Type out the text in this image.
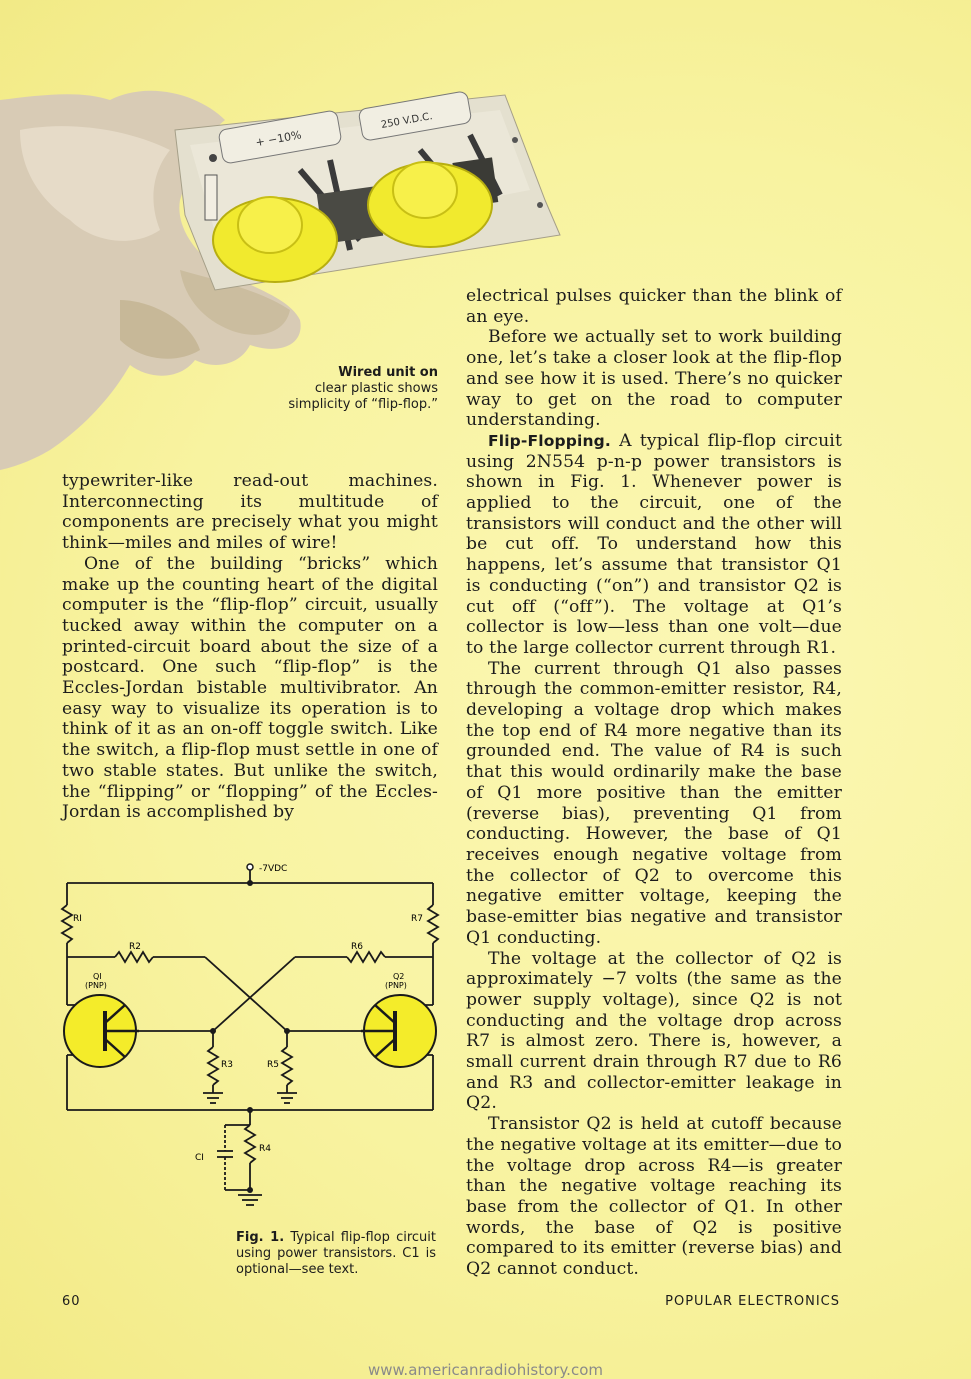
+ −10%
250 V.D.C.
Wired unit on
clear plastic shows
simplicity of “flip-flop.”

typewriter-like read-out machines. Interconnecting its multitude of components are precisely what you might think—miles and miles of wire!

One of the building “bricks” which make up the counting heart of the digital computer is the “flip-flop” circuit, usually tucked away within the computer on a printed-circuit board about the size of a postcard. One such “flip-flop” is the Eccles-Jordan bistable multivibrator. An easy way to visualize its operation is to think of it as an on-off toggle switch. Like the switch, a flip-flop must settle in one of two stable states. But unlike the switch, the “flipping” or “flopping” of the Eccles-Jordan is accomplished by

electrical pulses quicker than the blink of an eye.

Before we actually set to work building one, let’s take a closer look at the flip-flop and see how it is used. There’s no quicker way to get on the road to computer understanding.

Flip-Flopping. A typical flip-flop circuit using 2N554 p-n-p power transistors is shown in Fig. 1. Whenever power is applied to the circuit, one of the transistors will conduct and the other will be cut off. To understand how this happens, let’s assume that transistor Q1 is conducting (“on”) and transistor Q2 is cut off (“off”). The voltage at Q1’s collector is low—less than one volt—due to the large collector current through R1.

The current through Q1 also passes through the common-emitter resistor, R4, developing a voltage drop which makes the top end of R4 more negative than its grounded end. The value of R4 is such that this would ordinarily make the base of Q1 more positive than the emitter (reverse bias), preventing Q1 from conducting. However, the base of Q1 receives enough negative voltage from the collector of Q2 to overcome this negative emitter voltage, keeping the base-emitter bias negative and transistor Q1 conducting.

The voltage at the collector of Q2 is approximately −7 volts (the same as the power supply voltage), since Q2 is not conducting and the voltage drop across R7 is almost zero. There is, however, a small current drain through R7 due to R6 and R3 and collector-emitter leakage in Q2.

Transistor Q2 is held at cutoff because the negative voltage at its emitter—due to the voltage drop across R4—is greater than the negative voltage reaching its base from the collector of Q1. In other words, the base of Q2 is positive compared to its emitter (reverse bias) and Q2 cannot conduct.

-7VDC
RI	R7
R2	R6
QI
(PNP)
Q2
(PNP)
R3	R5
CI
R4
Fig. 1. Typical flip-flop circuit using power transistors. C1 is optional—see text.
60	POPULAR ELECTRONICS
www.americanradiohistory.com
